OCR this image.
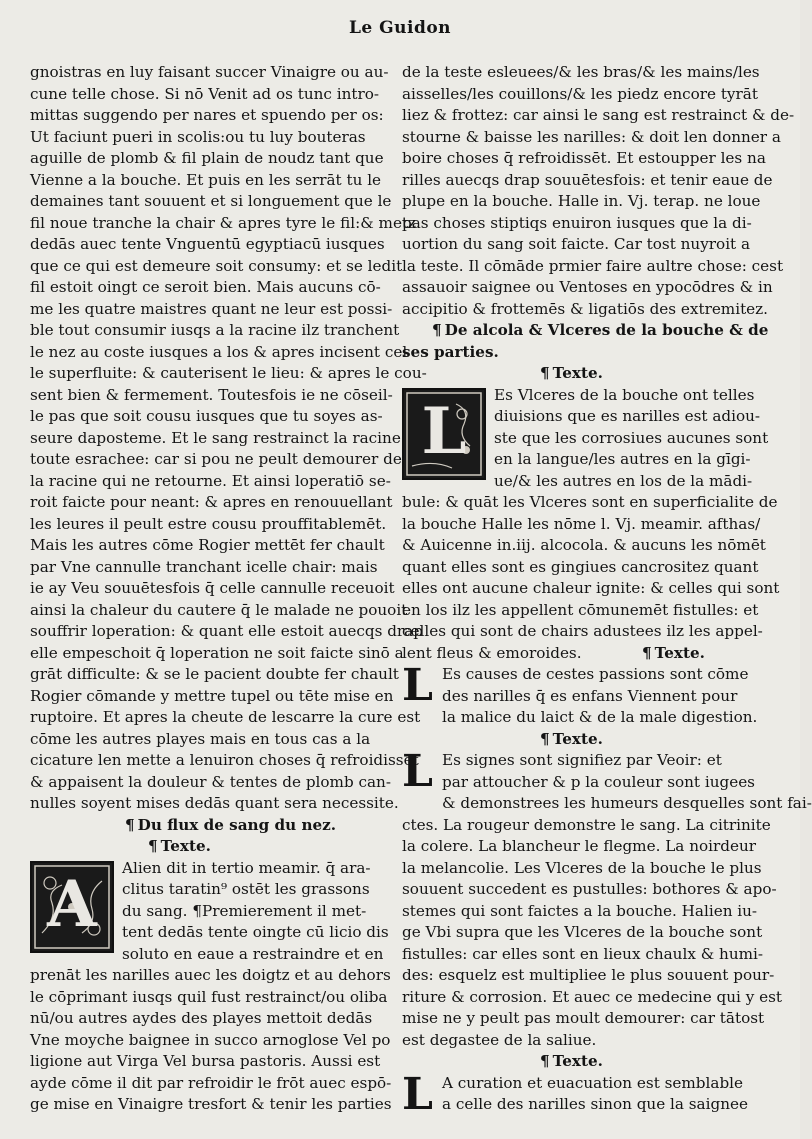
Le Guidon
gnoistras en luy faisant succer Vinaigre ou au-
cune telle chose. Si nō Venit ad os tunc intro-
mittas suggendo per nares et spuendo per os:
Ut faciunt pueri in scolis:ou tu luy bouteras
aguille de plomb & fil plain de noudz tant que
Vienne a la bouche. Et puis en les serrāt tu le
demaines tant souuent et si longuement que le
fil noue tranche la chair & apres tyre le fil:& metz
dedās auec tente Vnguentū egyptiacū iusques
que ce qui est demeure soit consumy: et se ledit
fil estoit oingt ce seroit bien. Mais aucuns cō-
me les quatre maistres quant ne leur est possi-
ble tout consumir iusqs a la racine ilz tranchent
le nez au coste iusques a los & apres incisent cel
le superfluite: & cauterisent le lieu: & apres le cou-
sent bien & fermement. Toutesfois ie ne cōseil-
le pas que soit cousu iusques que tu soyes as-
seure daposteme. Et le sang restrainct la racine
toute esrachee: car si pou ne peult demourer de
la racine qui ne retourne. Et ainsi loperatiō se-
roit faicte pour neant: & apres en renouuellant
les leures il peult estre cousu prouffitablemēt.
Mais les autres cōme Rogier mettēt fer chault
par Vne cannulle tranchant icelle chair: mais
ie ay Veu souuētesfois q̄ celle cannulle receuoit
ainsi la chaleur du cautere q̄ le malade ne pouoit
souffrir loperation: & quant elle estoit auecqs drap
elle empeschoit q̄ loperation ne soit faicte sinō a
grāt difficulte: & se le pacient doubte fer chault
Rogier cōmande y mettre tupel ou tēte mise en
ruptoire. Et apres la cheute de lescarre la cure est
cōme les autres playes mais en tous cas a la
cicature len mette a lenuiron choses q̄ refroidissēt
& appaisent la douleur & tentes de plomb can-
nulles soyent mises dedās quant sera necessite.
¶ Du flux de sang du nez.
¶ Texte.
A	Alien dit in tertio meamir. q̄ ara-
clitus taratin⁹ ostēt les grassons
du sang. ¶Premierement il met-
tent dedās tente oingte cū licio dis
soluto en eaue a restraindre et en
prenāt les narilles auec les doigtz et au dehors
le cōprimant iusqs quil fust restrainct/ou oliba
nū/ou autres aydes des playes mettoit dedās
Vne moyche baignee in succo arnoglose Vel po
ligione aut Virga Vel bursa pastoris. Aussi est
ayde cōme il dit par refroidir le frōt auec espō-
ge mise en Vinaigre tresfort & tenir les parties
de la teste esleuees/& les bras/& les mains/les
aisselles/les couillons/& les piedz encore tyrāt
liez & frottez: car ainsi le sang est restrainct & de-
stourne & baisse les narilles: & doit len donner a
boire choses q̄ refroidissēt. Et estoupper les na
rilles auecqs drap souuētesfois: et tenir eaue de
plupe en la bouche. Halle in. Vj. terap. ne loue
pas choses stiptiqs enuiron iusques que la di-
uortion du sang soit faicte. Car tost nuyroit a
la teste. Il cōmāde prmier faire aultre chose: cest
assauoir saignee ou Ventoses en ypocōdres & in
accipitio & frottemēs & ligatiōs des extremitez.
¶ De alcola & Vlceres de la bouche & de
ses parties.
¶ Texte.
L	Es Vlceres de la bouche ont telles
diuisions que es narilles est adiou-
ste que les corrosiues aucunes sont
en la langue/les autres en la gīgi-
ue/& les autres en los de la mādi-
bule: & quāt les Vlceres sont en superficialite de
la bouche Halle les nōme l. Vj. meamir. afthas/
& Auicenne in.iij. alcocola. & aucuns les nōmēt
quant elles sont es gingiues cancrositez quant
elles ont aucune chaleur ignite: & celles qui sont
en los ilz les appellent cōmunemēt fistulles: et
celles qui sont de chairs adustees ilz les appel-
lent fleus & emoroides.	¶ Texte.
L Es causes de cestes passions sont cōme
des narilles q̄ es enfans Viennent pour
la malice du laict & de la male digestion.
¶ Texte.
L Es signes sont signifiez par Veoir: et
par attoucher & p la couleur sont iugees
& demonstrees les humeurs desquelles sont fai-
ctes. La rougeur demonstre le sang. La citrinite
la colere. La blancheur le flegme. La noirdeur
la melancolie. Les Vlceres de la bouche le plus
souuent succedent es pustulles: bothores & apo-
stemes qui sont faictes a la bouche. Halien iu-
ge Vbi supra que les Vlceres de la bouche sont
fistulles: car elles sont en lieux chaulx & humi-
des: esquelz est multipliee le plus souuent pour-
riture & corrosion. Et auec ce medecine qui y est
mise ne y peult pas moult demourer: car tātost
est degastee de la saliue.
¶ Texte.
L A curation et euacuation est semblable
a celle des narilles sinon que la saignee
